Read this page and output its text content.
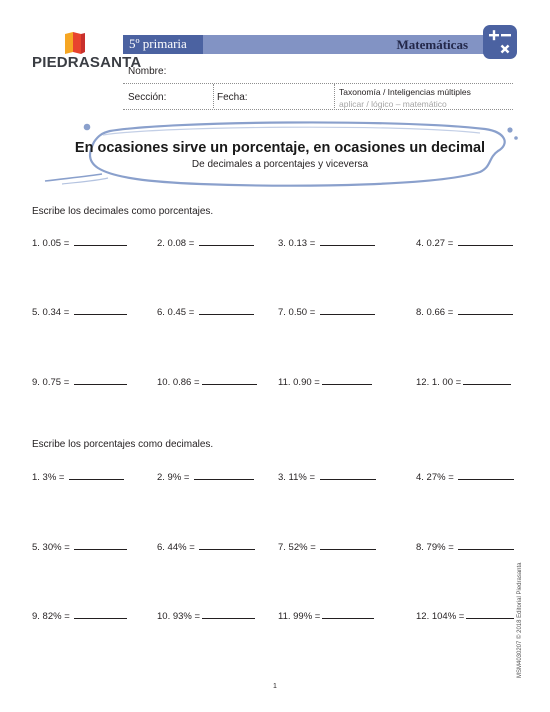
PIEDRASANTA
5º primaria	Matemáticas
Nombre:
Sección:	Fecha:	Taxonomía / Inteligencias múltiples
aplicar / lógico – matemático
En ocasiones sirve un porcentaje, en ocasiones un decimal
De decimales a porcentajes y viceversa
Escribe los decimales como porcentajes.
1. 0.05 =	2. 0.08 =	3. 0.13 =	4. 0.27 =
5. 0.34 =	6. 0.45 =	7. 0.50 =	8. 0.66 =
9. 0.75 =	10. 0.86 =	11. 0.90 =	12. 1. 00 =
Escribe los porcentajes como decimales.
1. 3% =	2. 9% =	3. 11% =	4. 27% =
5. 30% =	6. 44% =	7. 52% =	8. 79% =
9. 82% =	10. 93% =	11. 99% =	12. 104% =	MSM4030207 © 2018 Editorial Piedrasanta
1
